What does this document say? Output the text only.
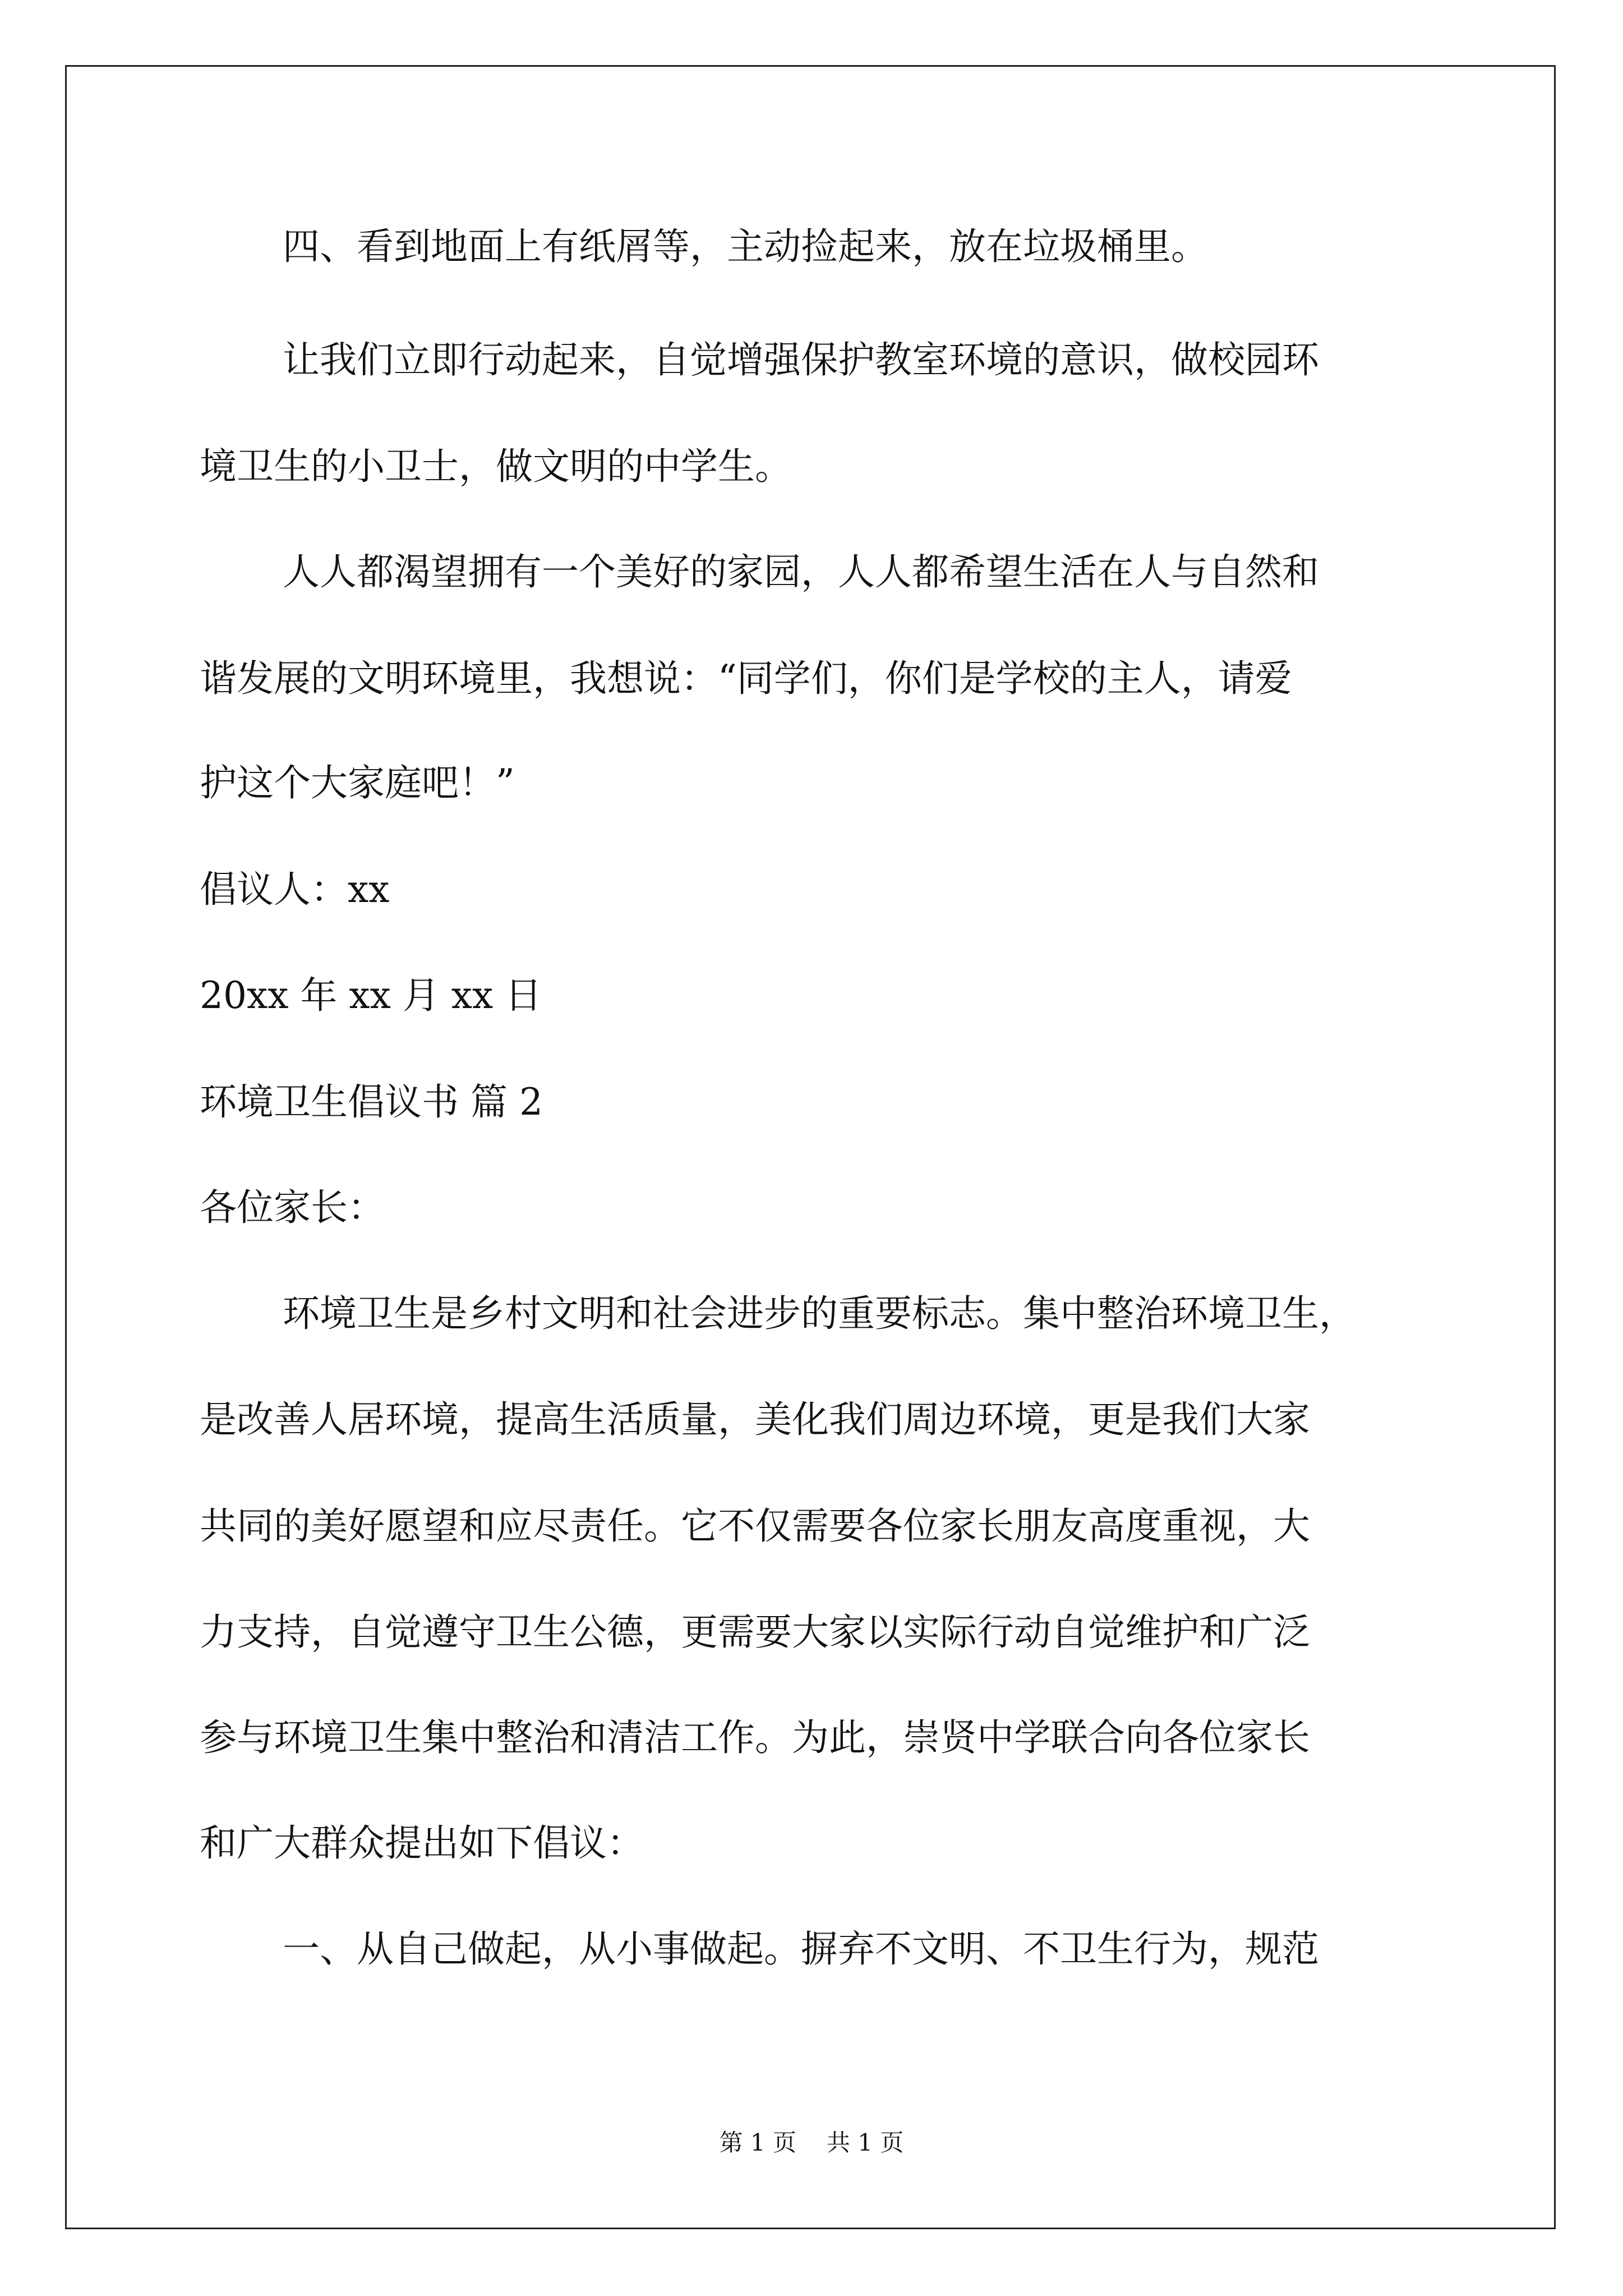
四、看到地面上有纸屑等，主动捡起来，放在垃圾桶里。
让我们立即行动起来，自觉增强保护教室环境的意识，做校园环
境卫生的小卫士，做文明的中学生。
人人都渴望拥有一个美好的家园，人人都希望生活在人与自然和
谐发展的文明环境里，我想说：“同学们，你们是学校的主人，请爱
护这个大家庭吧！”
倡议人：xx
20xx 年 xx 月 xx 日
环境卫生倡议书 篇 2
各位家长：
环境卫生是乡村文明和社会进步的重要标志。集中整治环境卫生，
是改善人居环境，提高生活质量，美化我们周边环境，更是我们大家
共同的美好愿望和应尽责任。它不仅需要各位家长朋友高度重视，大
力支持，自觉遵守卫生公德，更需要大家以实际行动自觉维护和广泛
参与环境卫生集中整治和清洁工作。为此，崇贤中学联合向各位家长
和广大群众提出如下倡议：
一、从自己做起，从小事做起。摒弃不文明、不卫生行为，规范
第 1 页 共 1 页
